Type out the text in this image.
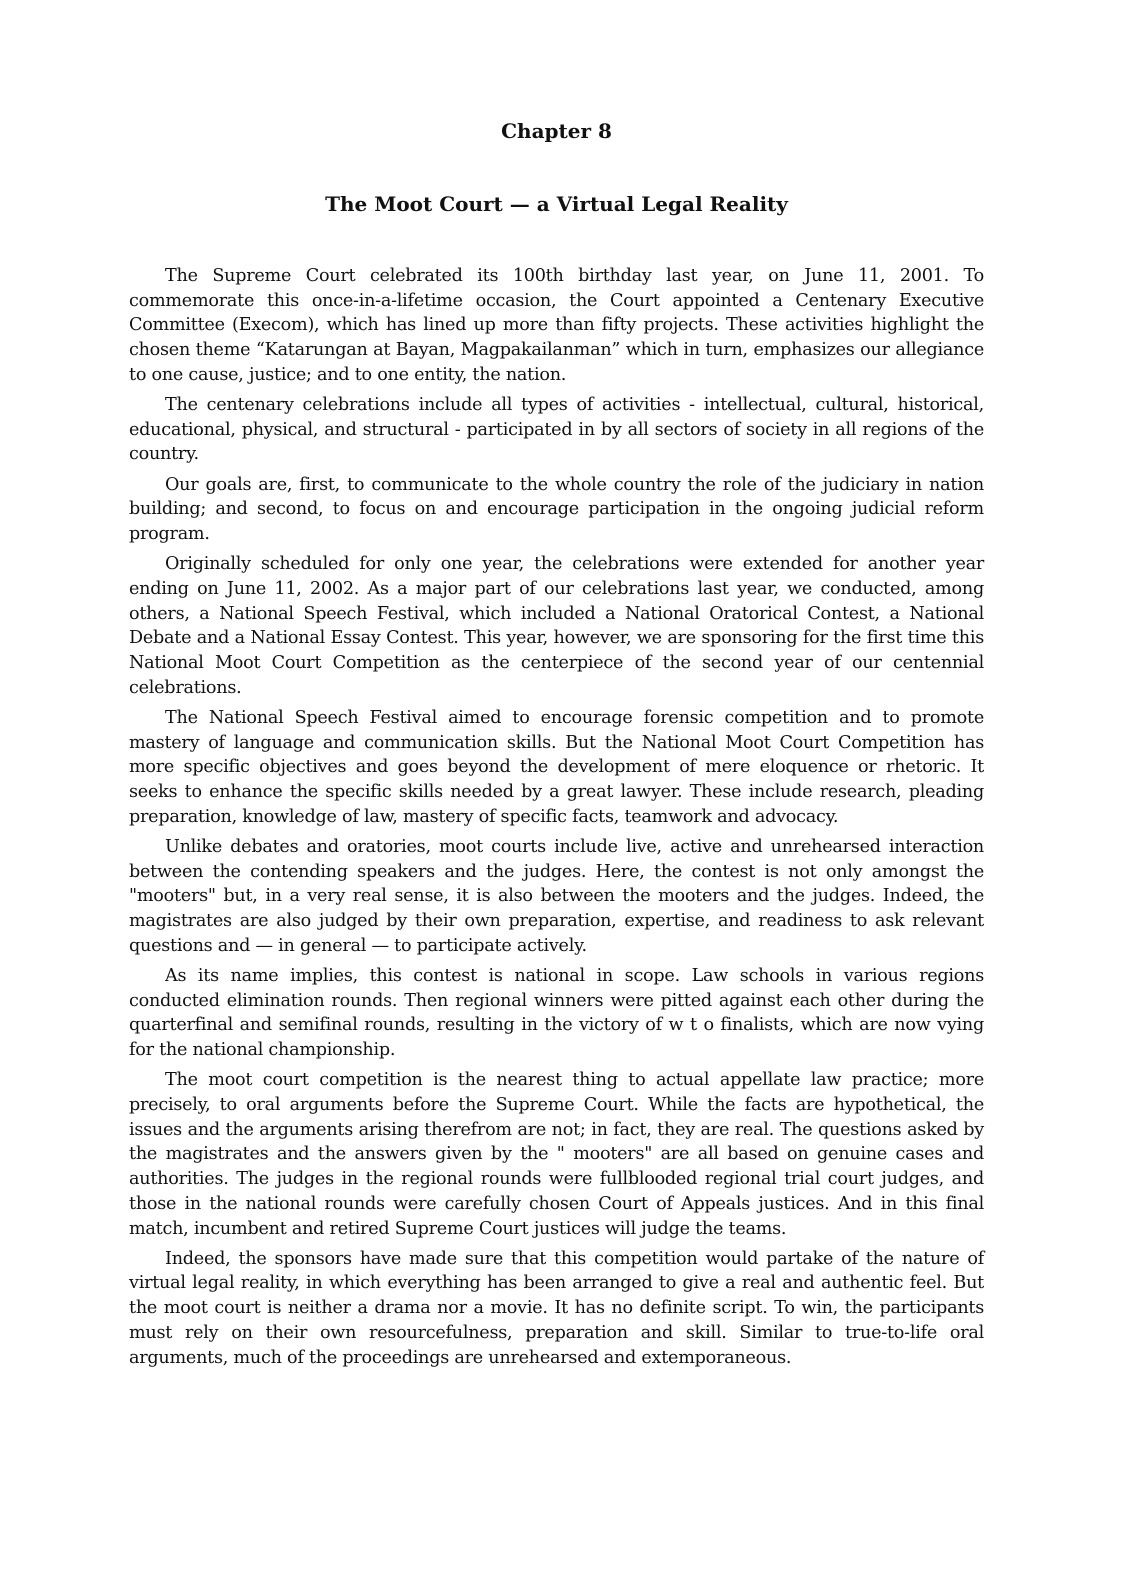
Chapter 8
The Moot Court — a Virtual Legal Reality

The Supreme Court celebrated its 100th birthday last year, on June 11, 2001. To commemorate this once-in-a-lifetime occasion, the Court appointed a Centenary Executive Committee (Execom), which has lined up more than fifty projects. These activities highlight the chosen theme “Katarungan at Bayan, Magpakailanman” which in turn, emphasizes our allegiance to one cause, justice; and to one entity, the nation.

The centenary celebrations include all types of activities - intellectual, cultural, historical, educational, physical, and structural - participated in by all sectors of society in all regions of the country.

Our goals are, first, to communicate to the whole country the role of the judiciary in nation building; and second, to focus on and encourage participation in the ongoing judicial reform program.

Originally scheduled for only one year, the celebrations were extended for another year ending on June 11, 2002. As a major part of our celebrations last year, we conducted, among others, a National Speech Festival, which included a National Oratorical Contest, a National Debate and a National Essay Contest. This year, however, we are sponsoring for the first time this National Moot Court Competition as the centerpiece of the second year of our centennial celebrations.

The National Speech Festival aimed to encourage forensic competition and to promote mastery of language and communication skills. But the National Moot Court Competition has more specific objectives and goes beyond the development of mere eloquence or rhetoric. It seeks to enhance the specific skills needed by a great lawyer. These include research, pleading preparation, knowledge of law, mastery of specific facts, teamwork and advocacy.

Unlike debates and oratories, moot courts include live, active and unrehearsed interaction between the contending speakers and the judges. Here, the contest is not only amongst the "mooters" but, in a very real sense, it is also between the mooters and the judges. Indeed, the magistrates are also judged by their own preparation, expertise, and readiness to ask relevant questions and — in general — to participate actively.

As its name implies, this contest is national in scope. Law schools in various regions conducted elimination rounds. Then regional winners were pitted against each other during the quarterfinal and semifinal rounds, resulting in the victory of w t o finalists, which are now vying for the national championship.

The moot court competition is the nearest thing to actual appellate law practice; more precisely, to oral arguments before the Supreme Court. While the facts are hypothetical, the issues and the arguments arising therefrom are not; in fact, they are real. The questions asked by the magistrates and the answers given by the " mooters" are all based on genuine cases and authorities. The judges in the regional rounds were fullblooded regional trial court judges, and those in the national rounds were carefully chosen Court of Appeals justices. And in this final match, incumbent and retired Supreme Court justices will judge the teams.

Indeed, the sponsors have made sure that this competition would partake of the nature of virtual legal reality, in which everything has been arranged to give a real and authentic feel. But the moot court is neither a drama nor a movie. It has no definite script. To win, the participants must rely on their own resourcefulness, preparation and skill. Similar to true-to-life oral arguments, much of the proceedings are unrehearsed and extemporaneous.
